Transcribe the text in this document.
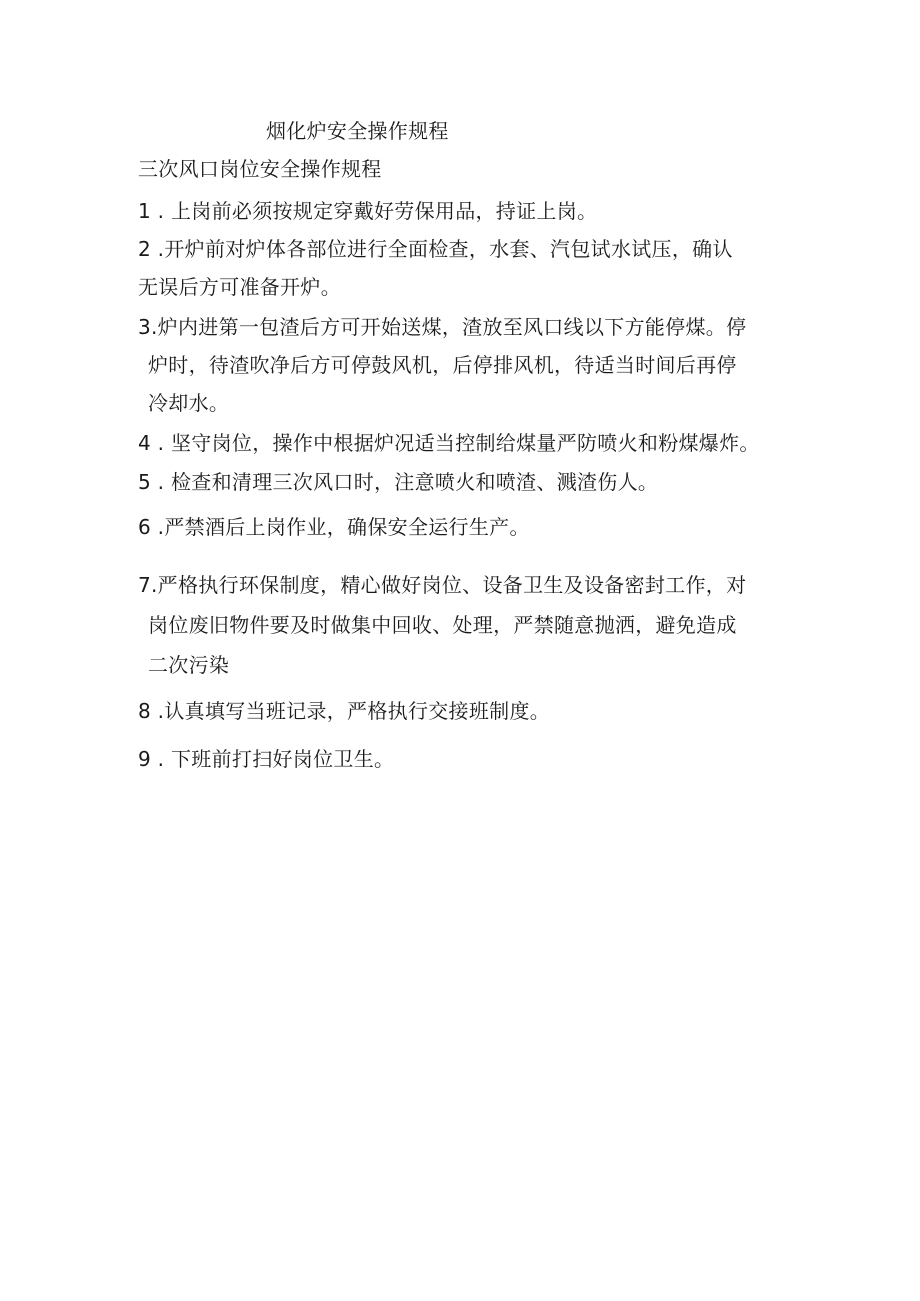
烟化炉安全操作规程
三次风口岗位安全操作规程
1 . 上岗前必须按规定穿戴好劳保用品，持证上岗。
2 .开炉前对炉体各部位进行全面检查，水套、汽包试水试压，确认
无误后方可准备开炉。
3.炉内进第一包渣后方可开始送煤，渣放至风口线以下方能停煤。停
炉时，待渣吹净后方可停鼓风机，后停排风机，待适当时间后再停
冷却水。
4 . 坚守岗位，操作中根据炉况适当控制给煤量严防喷火和粉煤爆炸。
5 . 检查和清理三次风口时，注意喷火和喷渣、溅渣伤人。
6 .严禁酒后上岗作业，确保安全运行生产。
7.严格执行环保制度，精心做好岗位、设备卫生及设备密封工作，对
岗位废旧物件要及时做集中回收、处理，严禁随意抛洒，避免造成
二次污染
8 .认真填写当班记录，严格执行交接班制度。
9 . 下班前打扫好岗位卫生。
